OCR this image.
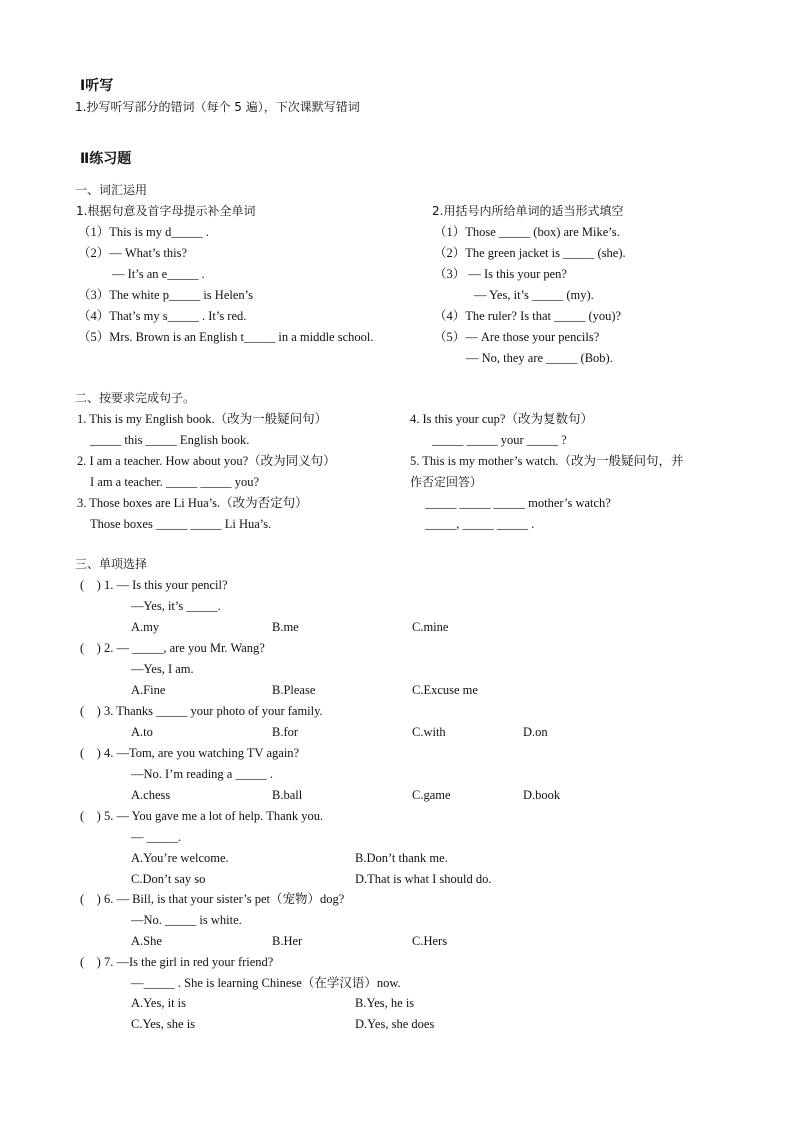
Ⅰ听写
1.抄写听写部分的错词（每个 5 遍），下次课默写错词
Ⅱ练习题
一、词汇运用
1.根据句意及首字母提示补全单词
（1）This is my d_____ .
（2）— What’s this?
— It’s an e_____ .
（3）The white p_____ is Helen’s
（4）That’s my s_____ . It’s red.
（5）Mrs. Brown is an English t_____ in a middle school.
2.用括号内所给单词的适当形式填空
（1）Those _____ (box) are Mike’s.
（2）The green jacket is _____ (she).
（3） — Is this your pen?
— Yes, it’s _____ (my).
（4）The ruler? Is that _____ (you)?
（5）— Are those your pencils?
— No, they are _____ (Bob).
二、按要求完成句子。
1. This is my English book.（改为一般疑问句）
_____ this _____ English book.
2. I am a teacher. How about you?（改为同义句）
I am a teacher. _____ _____ you?
3. Those boxes are Li Hua’s.（改为否定句）
Those boxes _____ _____ Li Hua’s.
4. Is this your cup?（改为复数句）
_____ _____ your _____ ?
5. This is my mother’s watch.（改为一般疑问句，并
作否定回答）
_____ _____ _____ mother’s watch?
_____, _____ _____ .
三、单项选择
(    ) 1. — Is this your pencil?
—Yes, it’s _____.
A.my	B.me	C.mine
(    ) 2. — _____, are you Mr. Wang?
—Yes, I am.
A.Fine	B.Please	C.Excuse me
(    ) 3. Thanks _____ your photo of your family.
A.to	B.for	C.with	D.on
(    ) 4. —Tom, are you watching TV again?
—No. I’m reading a _____ .
A.chess	B.ball	C.game	D.book
(    ) 5. — You gave me a lot of help. Thank you.
— _____.
A.You’re welcome.	B.Don’t thank me.
C.Don’t say so	D.That is what I should do.
(    ) 6. — Bill, is that your sister’s pet（宠物）dog?
—No. _____ is white.
A.She	B.Her	C.Hers
(    ) 7. —Is the girl in red your friend?
—_____ . She is learning Chinese（在学汉语）now.
A.Yes, it is	B.Yes, he is
C.Yes, she is	D.Yes, she does
